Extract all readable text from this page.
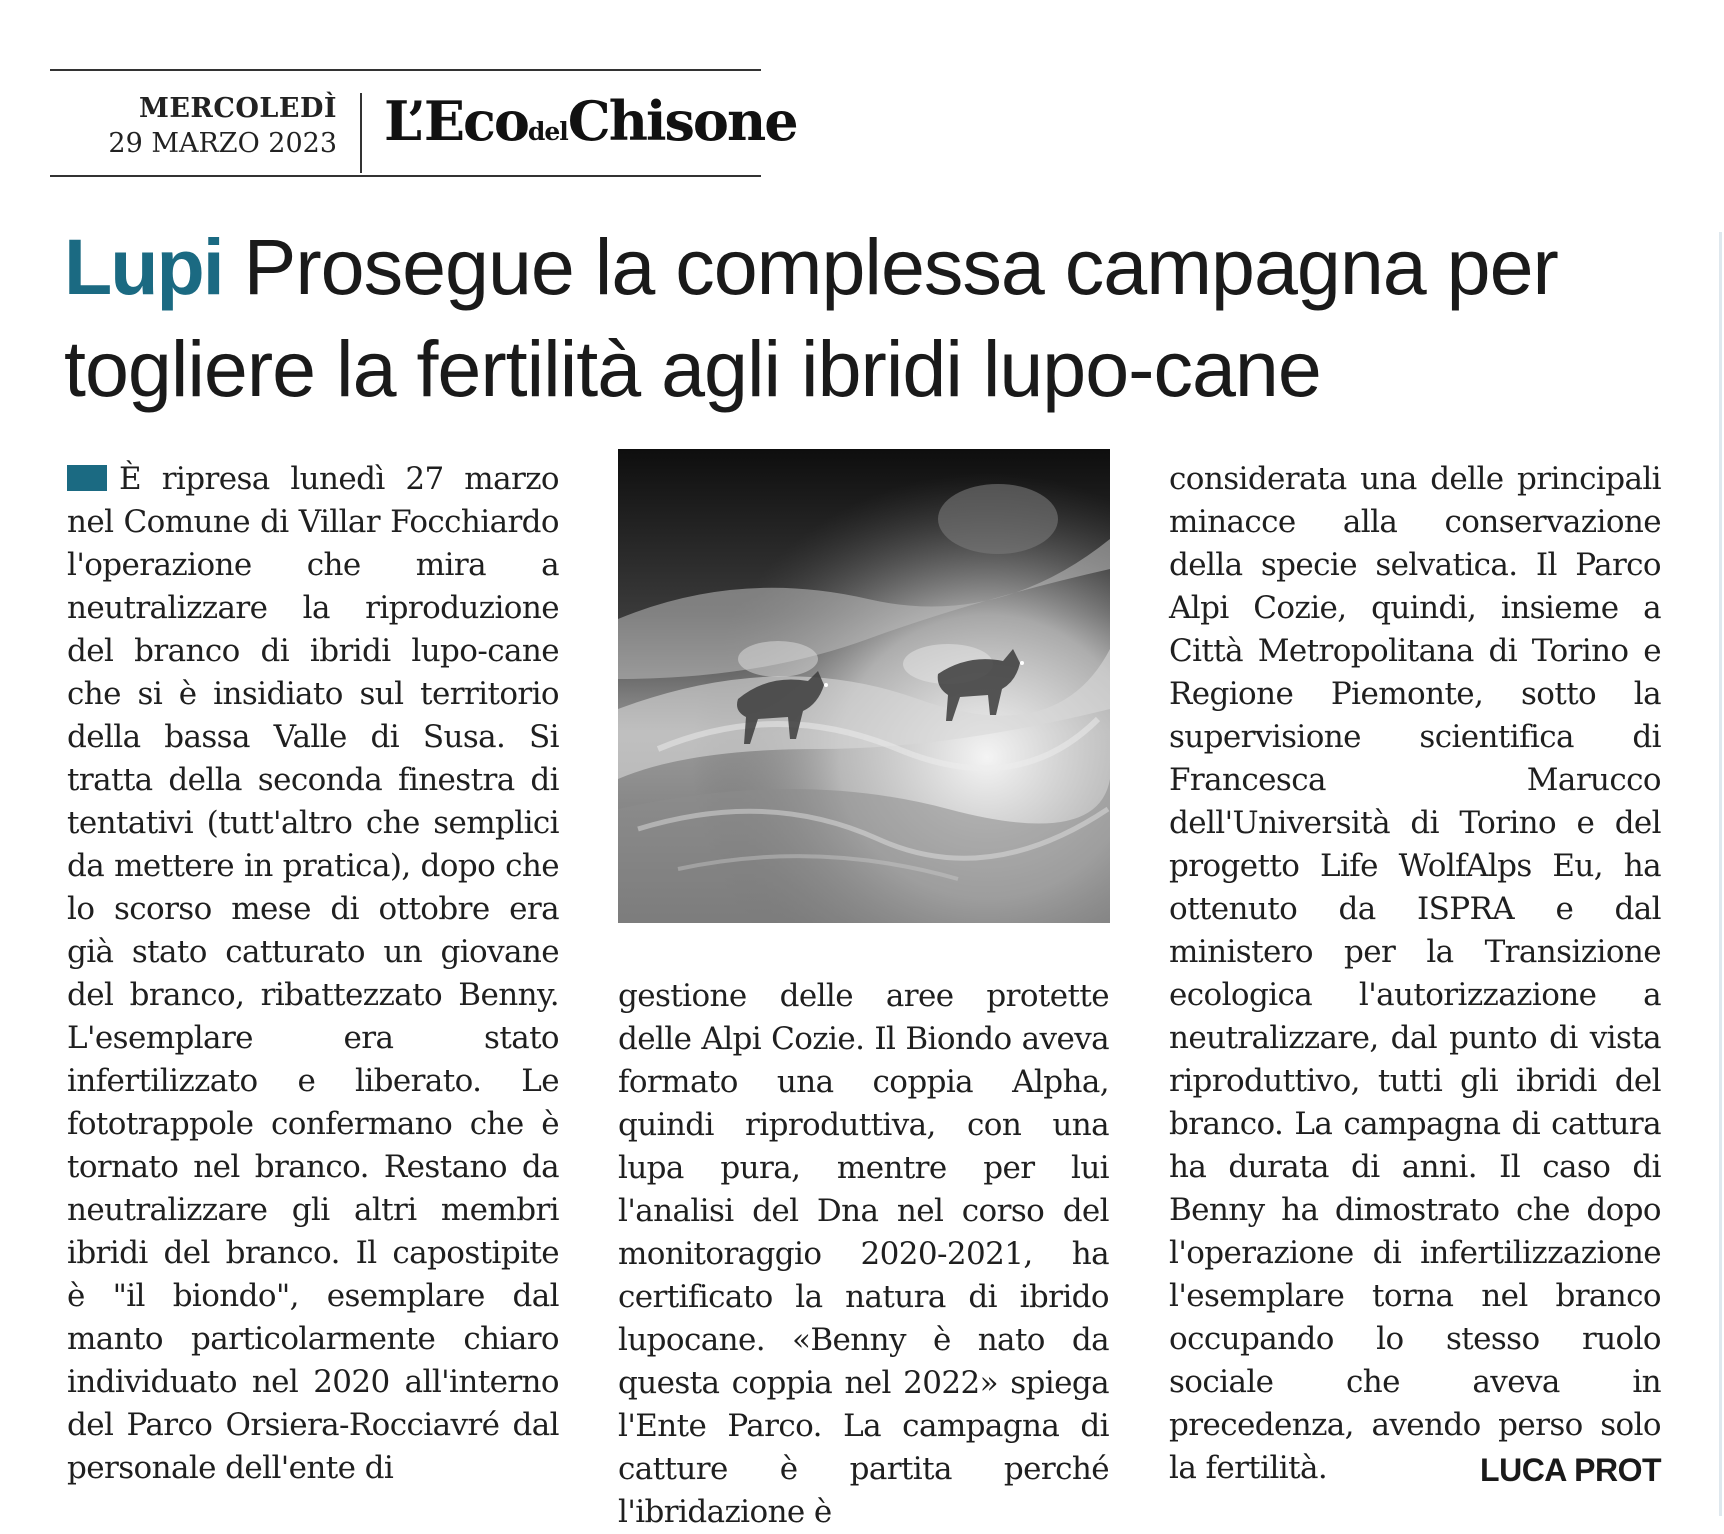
MERCOLEDÌ
29 MARZO 2023 L’EcodelChisone
Lupi Prosegue la complessa campagna per togliere la fertilità agli ibridi lupo-cane

È ripresa lunedì 27 marzo nel Comune di Villar Focchiardo l'operazione che mira a neutralizzare la riproduzione del branco di ibridi lupo-cane che si è insidiato sul territorio della bassa Valle di Susa. Si tratta della seconda finestra di tentativi (tutt'altro che semplici da mettere in pratica), dopo che lo scorso mese di ottobre era già stato catturato un giovane del branco, ribattezzato Benny. L'esemplare era stato infertilizzato e liberato. Le fototrappole confermano che è tornato nel branco. Restano da neutralizzare gli altri membri ibridi del branco. Il capostipite è "il biondo", esemplare dal manto particolarmente chiaro individuato nel 2020 all'interno del Parco Orsiera-Rocciavré dal personale dell'ente di

gestione delle aree protette delle Alpi Cozie. Il Biondo aveva formato una coppia Alpha, quindi riproduttiva, con una lupa pura, mentre per lui l'analisi del Dna nel corso del monitoraggio 2020-2021, ha certificato la natura di ibrido lupocane. «Benny è nato da questa coppia nel 2022» spiega l'Ente Parco. La campagna di catture è partita perché l'ibridazione è

considerata una delle principali minacce alla conservazione della specie selvatica. Il Parco Alpi Cozie, quindi, insieme a Città Metropolitana di Torino e Regione Piemonte, sotto la supervisione scientifica di Francesca Marucco dell'Università di Torino e del progetto Life WolfAlps Eu, ha ottenuto da ISPRA e dal ministero per la Transizione ecologica l'autorizzazione a neutralizzare, dal punto di vista riproduttivo, tutti gli ibridi del branco. La campagna di cattura ha durata di anni. Il caso di Benny ha dimostrato che dopo l'operazione di infertilizzazione l'esemplare torna nel branco occupando lo stesso ruolo sociale che aveva in precedenza, avendo perso solo la fertilità.	LUCA PROT
